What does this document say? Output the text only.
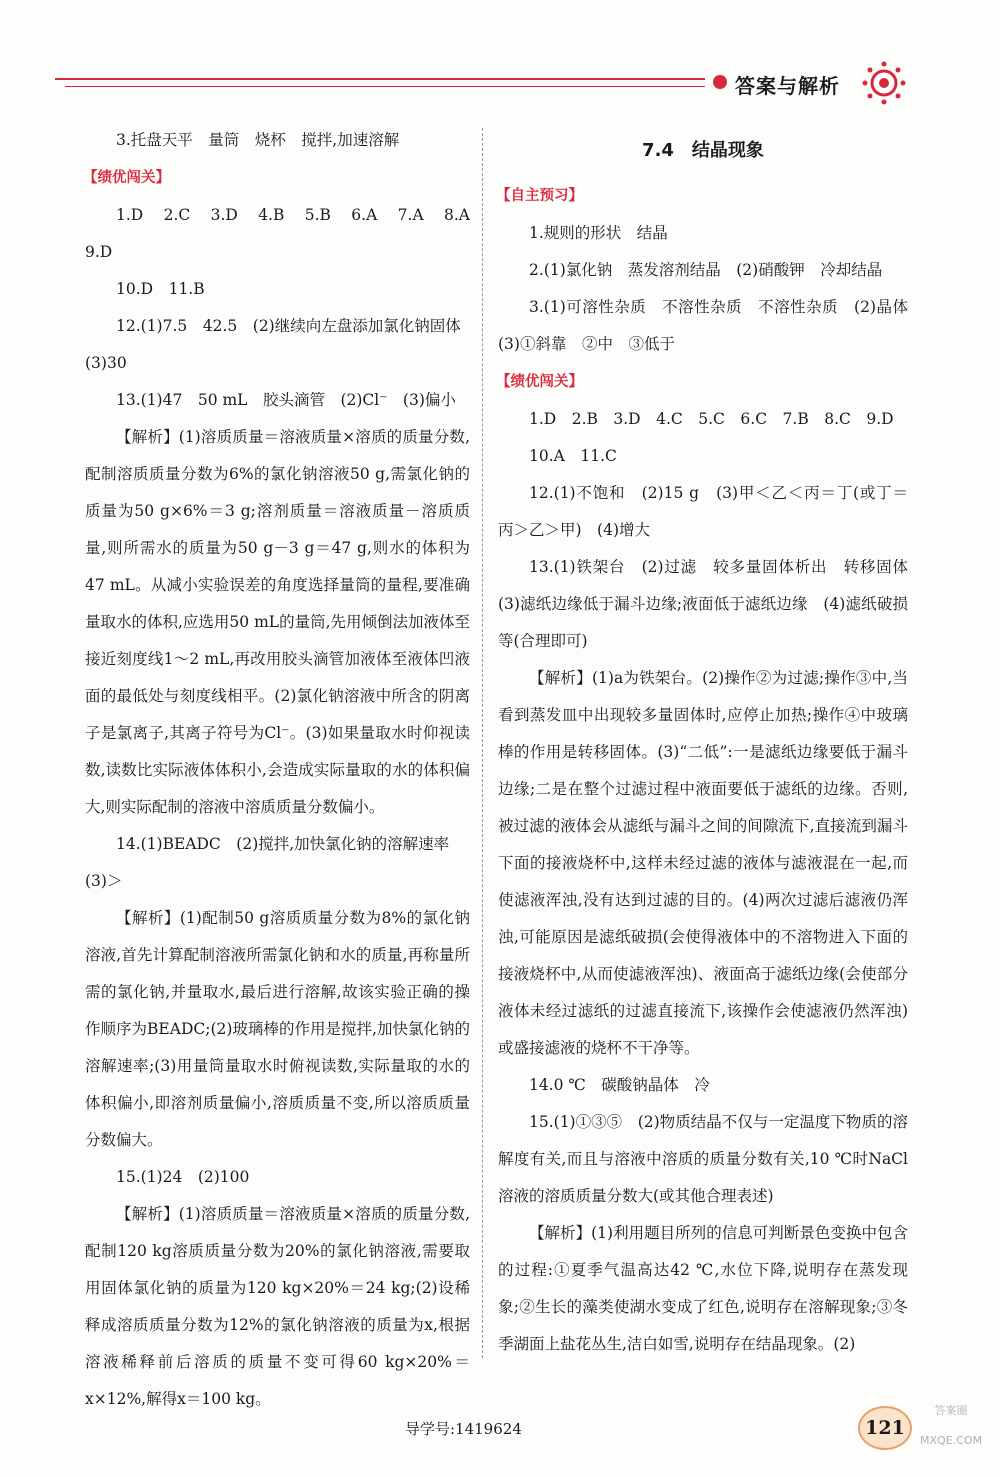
答案与解析

3.托盘天平　量筒　烧杯　搅拌,加速溶解

【绩优闯关】

1.D　2.C　3.D　4.B　5.B　6.A　7.A　8.A　9.D

10.D　11.B

12.(1)7.5　42.5　(2)继续向左盘添加氯化钠固体

(3)30

13.(1)47　50 mL　胶头滴管　(2)Cl⁻　(3)偏小

【解析】(1)溶质质量＝溶液质量×溶质的质量分数,配制溶质质量分数为6%的氯化钠溶液50 g,需氯化钠的质量为50 g×6%＝3 g;溶剂质量＝溶液质量－溶质质量,则所需水的质量为50 g－3 g＝47 g,则水的体积为47 mL。从减小实验误差的角度选择量筒的量程,要准确量取水的体积,应选用50 mL的量筒,先用倾倒法加液体至接近刻度线1～2 mL,再改用胶头滴管加液体至液体凹液面的最低处与刻度线相平。(2)氯化钠溶液中所含的阴离子是氯离子,其离子符号为Cl⁻。(3)如果量取水时仰视读数,读数比实际液体体积小,会造成实际量取的水的体积偏大,则实际配制的溶液中溶质质量分数偏小。

14.(1)BEADC　(2)搅拌,加快氯化钠的溶解速率

(3)＞

【解析】(1)配制50 g溶质质量分数为8%的氯化钠溶液,首先计算配制溶液所需氯化钠和水的质量,再称量所需的氯化钠,并量取水,最后进行溶解,故该实验正确的操作顺序为BEADC;(2)玻璃棒的作用是搅拌,加快氯化钠的溶解速率;(3)用量筒量取水时俯视读数,实际量取的水的体积偏小,即溶剂质量偏小,溶质质量不变,所以溶质质量分数偏大。

15.(1)24　(2)100

【解析】(1)溶质质量＝溶液质量×溶质的质量分数,配制120 kg溶质质量分数为20%的氯化钠溶液,需要取用固体氯化钠的质量为120 kg×20%＝24 kg;(2)设稀释成溶质质量分数为12%的氯化钠溶液的质量为x,根据溶液稀释前后溶质的质量不变可得60 kg×20%＝x×12%,解得x＝100 kg。

7.4　结晶现象

【自主预习】

1.规则的形状　结晶

2.(1)氯化钠　蒸发溶剂结晶　(2)硝酸钾　冷却结晶

3.(1)可溶性杂质　不溶性杂质　不溶性杂质　(2)晶体　(3)①斜靠　②中　③低于

【绩优闯关】

1.D　2.B　3.D　4.C　5.C　6.C　7.B　8.C　9.D

10.A　11.C

12.(1)不饱和　(2)15 g　(3)甲＜乙＜丙＝丁(或丁＝丙＞乙＞甲)　(4)增大

13.(1)铁架台　(2)过滤　较多量固体析出　转移固体　(3)滤纸边缘低于漏斗边缘;液面低于滤纸边缘　(4)滤纸破损等(合理即可)

【解析】(1)a为铁架台。(2)操作②为过滤;操作③中,当看到蒸发皿中出现较多量固体时,应停止加热;操作④中玻璃棒的作用是转移固体。(3)“二低”:一是滤纸边缘要低于漏斗边缘;二是在整个过滤过程中液面要低于滤纸的边缘。否则,被过滤的液体会从滤纸与漏斗之间的间隙流下,直接流到漏斗下面的接液烧杯中,这样未经过滤的液体与滤液混在一起,而使滤液浑浊,没有达到过滤的目的。(4)两次过滤后滤液仍浑浊,可能原因是滤纸破损(会使得液体中的不溶物进入下面的接液烧杯中,从而使滤液浑浊)、液面高于滤纸边缘(会使部分液体未经过滤纸的过滤直接流下,该操作会使滤液仍然浑浊)或盛接滤液的烧杯不干净等。

14.0 ℃　碳酸钠晶体　冷

15.(1)①③⑤　(2)物质结晶不仅与一定温度下物质的溶解度有关,而且与溶液中溶质的质量分数有关,10 ℃时NaCl溶液的溶质质量分数大(或其他合理表述)

【解析】(1)利用题目所列的信息可判断景色变换中包含的过程:①夏季气温高达42 ℃,水位下降,说明存在蒸发现象;②生长的藻类使湖水变成了红色,说明存在溶解现象;③冬季湖面上盐花丛生,洁白如雪,说明存在结晶现象。(2)

导学号:1419624	121
答案圈 MXQE.COM
